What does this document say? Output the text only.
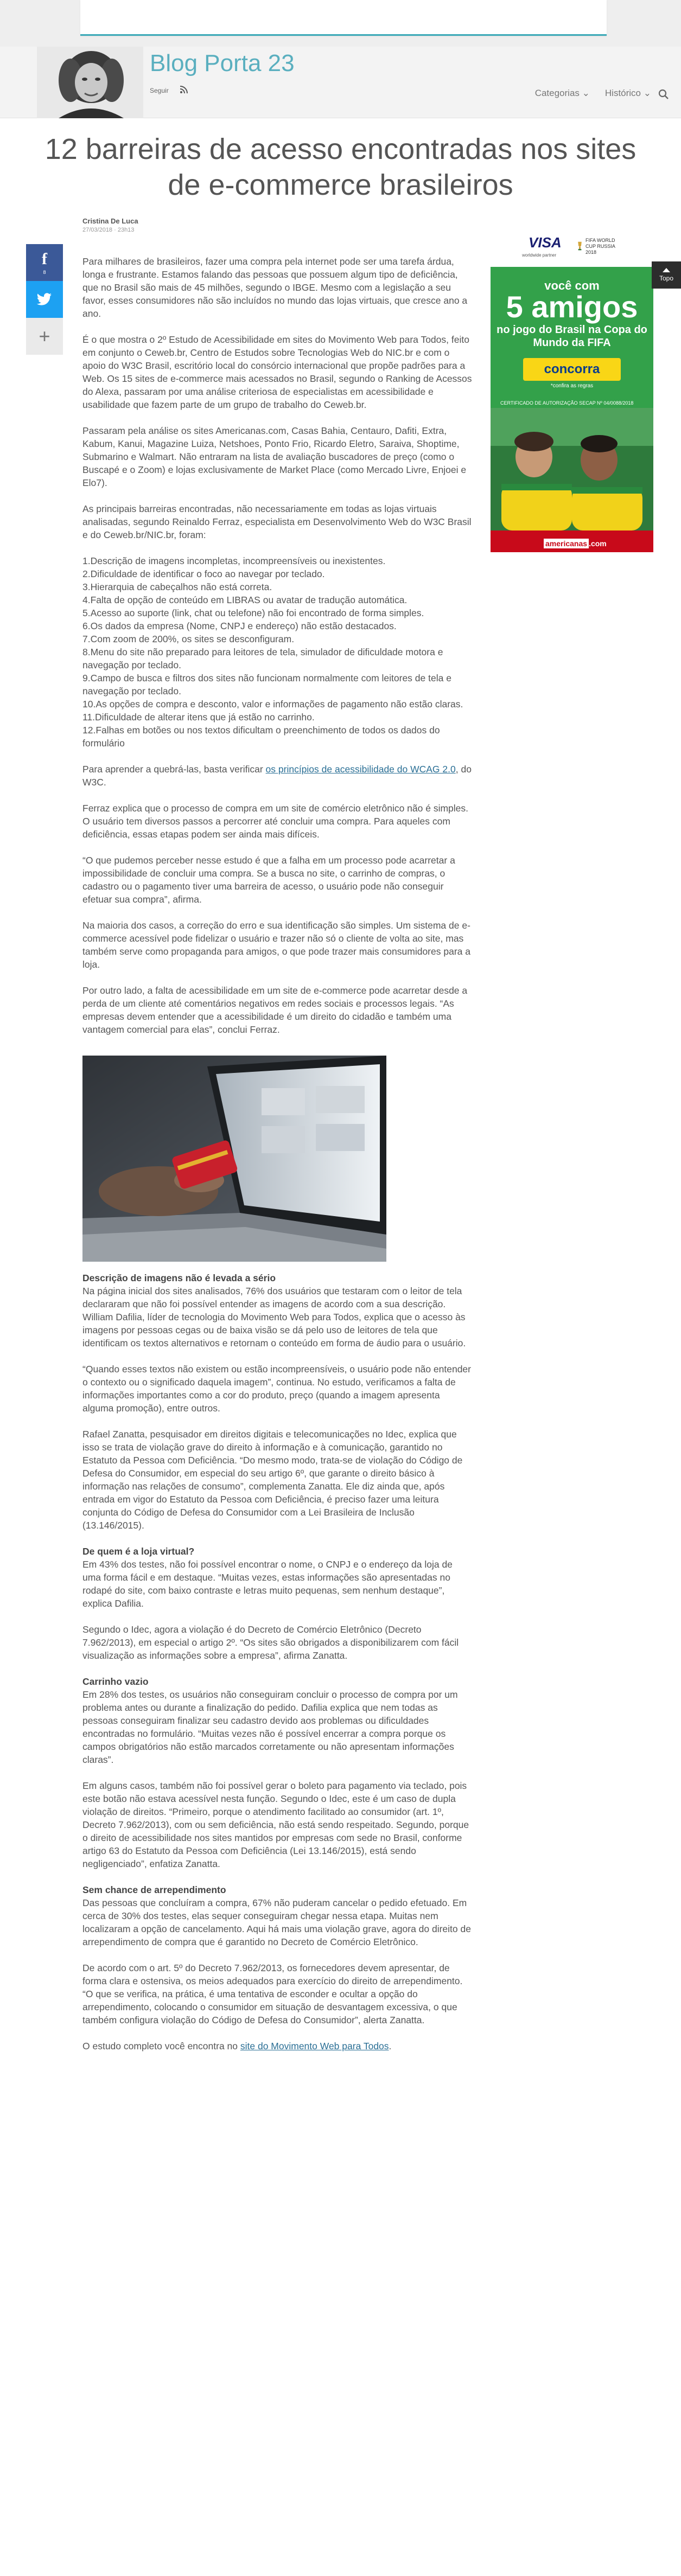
Blog Porta 23
Seguir	Categorias ⌄ Histórico ⌄
12 barreiras de acesso encontradas nos sites de e-commerce brasileiros
f
8
+
Cristina De Luca
27/03/2018 · 23h13

Para milhares de brasileiros, fazer uma compra pela internet pode ser uma tarefa árdua, longa e frustrante. Estamos falando das pessoas que possuem algum tipo de deficiência, que no Brasil são mais de 45 milhões, segundo o IBGE. Mesmo com a legislação a seu favor, esses consumidores não são incluídos no mundo das lojas virtuais, que cresce ano a ano.

É o que mostra o 2º Estudo de Acessibilidade em sites do Movimento Web para Todos, feito em conjunto o Ceweb.br, Centro de Estudos sobre Tecnologias Web do NIC.br e com o apoio do W3C Brasil, escritório local do consórcio internacional que propõe padrões para a Web. Os 15 sites de e-commerce mais acessados no Brasil, segundo o Ranking de Acessos do Alexa, passaram por uma análise criteriosa de especialistas em acessibilidade e usabilidade que fazem parte de um grupo de trabalho do Ceweb.br.

Passaram pela análise os sites Americanas.com, Casas Bahia, Centauro, Dafiti, Extra, Kabum, Kanui, Magazine Luiza, Netshoes, Ponto Frio, Ricardo Eletro, Saraiva, Shoptime, Submarino e Walmart. Não entraram na lista de avaliação buscadores de preço (como o Buscapé e o Zoom) e lojas exclusivamente de Market Place (como Mercado Livre, Enjoei e Elo7).

As principais barreiras encontradas, não necessariamente em todas as lojas virtuais analisadas, segundo Reinaldo Ferraz, especialista em Desenvolvimento Web do W3C Brasil e do Ceweb.br/NIC.br, foram:

1.Descrição de imagens incompletas, incompreensíveis ou inexistentes.
2.Dificuldade de identificar o foco ao navegar por teclado.
3.Hierarquia de cabeçalhos não está correta.
4.Falta de opção de conteúdo em LIBRAS ou avatar de tradução automática.
5.Acesso ao suporte (link, chat ou telefone) não foi encontrado de forma simples.
6.Os dados da empresa (Nome, CNPJ e endereço) não estão destacados.
7.Com zoom de 200%, os sites se desconfiguram.
8.Menu do site não preparado para leitores de tela, simulador de dificuldade motora e navegação por teclado.
9.Campo de busca e filtros dos sites não funcionam normalmente com leitores de tela e navegação por teclado.
10.As opções de compra e desconto, valor e informações de pagamento não estão claras.
11.Dificuldade de alterar itens que já estão no carrinho.
12.Falhas em botões ou nos textos dificultam o preenchimento de todos os dados do formulário

Para aprender a quebrá-las, basta verificar os princípios de acessibilidade do WCAG 2.0, do W3C.

Ferraz explica que o processo de compra em um site de comércio eletrônico não é simples. O usuário tem diversos passos a percorrer até concluir uma compra. Para aqueles com deficiência, essas etapas podem ser ainda mais difíceis.

“O que pudemos perceber nesse estudo é que a falha em um processo pode acarretar a impossibilidade de concluir uma compra. Se a busca no site, o carrinho de compras, o cadastro ou o pagamento tiver uma barreira de acesso, o usuário pode não conseguir efetuar sua compra”, afirma.

Na maioria dos casos, a correção do erro e sua identificação são simples. Um sistema de e-commerce acessível pode fidelizar o usuário e trazer não só o cliente de volta ao site, mas também serve como propaganda para amigos, o que pode trazer mais consumidores para a loja.

Por outro lado, a falta de acessibilidade em um site de e-commerce pode acarretar desde a perda de um cliente até comentários negativos em redes sociais e processos legais. “As empresas devem entender que a acessibilidade é um direito do cidadão e também uma vantagem comercial para elas”, conclui Ferraz.

Descrição de imagens não é levada a sério

Na página inicial dos sites analisados, 76% dos usuários que testaram com o leitor de tela declararam que não foi possível entender as imagens de acordo com a sua descrição. William Dafilia, líder de tecnologia do Movimento Web para Todos, explica que o acesso às imagens por pessoas cegas ou de baixa visão se dá pelo uso de leitores de tela que identificam os textos alternativos e retornam o conteúdo em forma de áudio para o usuário.

“Quando esses textos não existem ou estão incompreensíveis, o usuário pode não entender o contexto ou o significado daquela imagem”, continua. No estudo, verificamos a falta de informações importantes como a cor do produto, preço (quando a imagem apresenta alguma promoção), entre outros.

Rafael Zanatta, pesquisador em direitos digitais e telecomunicações no Idec, explica que isso se trata de violação grave do direito à informação e à comunicação, garantido no Estatuto da Pessoa com Deficiência. “Do mesmo modo, trata-se de violação do Código de Defesa do Consumidor, em especial do seu artigo 6º, que garante o direito básico à informação nas relações de consumo”, complementa Zanatta. Ele diz ainda que, após entrada em vigor do Estatuto da Pessoa com Deficiência, é preciso fazer uma leitura conjunta do Código de Defesa do Consumidor com a Lei Brasileira de Inclusão (13.146/2015).

De quem é a loja virtual?

Em 43% dos testes, não foi possível encontrar o nome, o CNPJ e o endereço da loja de uma forma fácil e em destaque. “Muitas vezes, estas informações são apresentadas no rodapé do site, com baixo contraste e letras muito pequenas, sem nenhum destaque”, explica Dafilia.

Segundo o Idec, agora a violação é do Decreto de Comércio Eletrônico (Decreto 7.962/2013), em especial o artigo 2º. “Os sites são obrigados a disponibilizarem com fácil visualização as informações sobre a empresa”, afirma Zanatta.

Carrinho vazio

Em 28% dos testes, os usuários não conseguiram concluir o processo de compra por um problema antes ou durante a finalização do pedido. Dafilia explica que nem todas as pessoas conseguiram finalizar seu cadastro devido aos problemas ou dificuldades encontradas no formulário. “Muitas vezes não é possível encerrar a compra porque os campos obrigatórios não estão marcados corretamente ou não apresentam informações claras”.

Em alguns casos, também não foi possível gerar o boleto para pagamento via teclado, pois este botão não estava acessível nesta função. Segundo o Idec, este é um caso de dupla violação de direitos. “Primeiro, porque o atendimento facilitado ao consumidor (art. 1º, Decreto 7.962/2013), com ou sem deficiência, não está sendo respeitado. Segundo, porque o direito de acessibilidade nos sites mantidos por empresas com sede no Brasil, conforme artigo 63 do Estatuto da Pessoa com Deficiência (Lei 13.146/2015), está sendo negligenciado”, enfatiza Zanatta.

Sem chance de arrependimento

Das pessoas que concluíram a compra, 67% não puderam cancelar o pedido efetuado. Em cerca de 30% dos testes, elas sequer conseguiram chegar nessa etapa. Muitas nem localizaram a opção de cancelamento. Aqui há mais uma violação grave, agora do direito de arrependimento de compra que é garantido no Decreto de Comércio Eletrônico.

De acordo com o art. 5º do Decreto 7.962/2013, os fornecedores devem apresentar, de forma clara e ostensiva, os meios adequados para exercício do direito de arrependimento. “O que se verifica, na prática, é uma tentativa de esconder e ocultar a opção do arrependimento, colocando o consumidor em situação de desvantagem excessiva, o que também configura violação do Código de Defesa do Consumidor”, alerta Zanatta.

O estudo completo você encontra no site do Movimento Web para Todos.

VISA
worldwide partner
FIFA WORLD CUP RUSSIA 2018
você com
5 amigos
no jogo do Brasil na Copa do Mundo da FIFA
concorra
*confira as regras
CERTIFICADO DE AUTORIZAÇÃO SECAP Nº 04/0088/2018
americanas .com
Topo
